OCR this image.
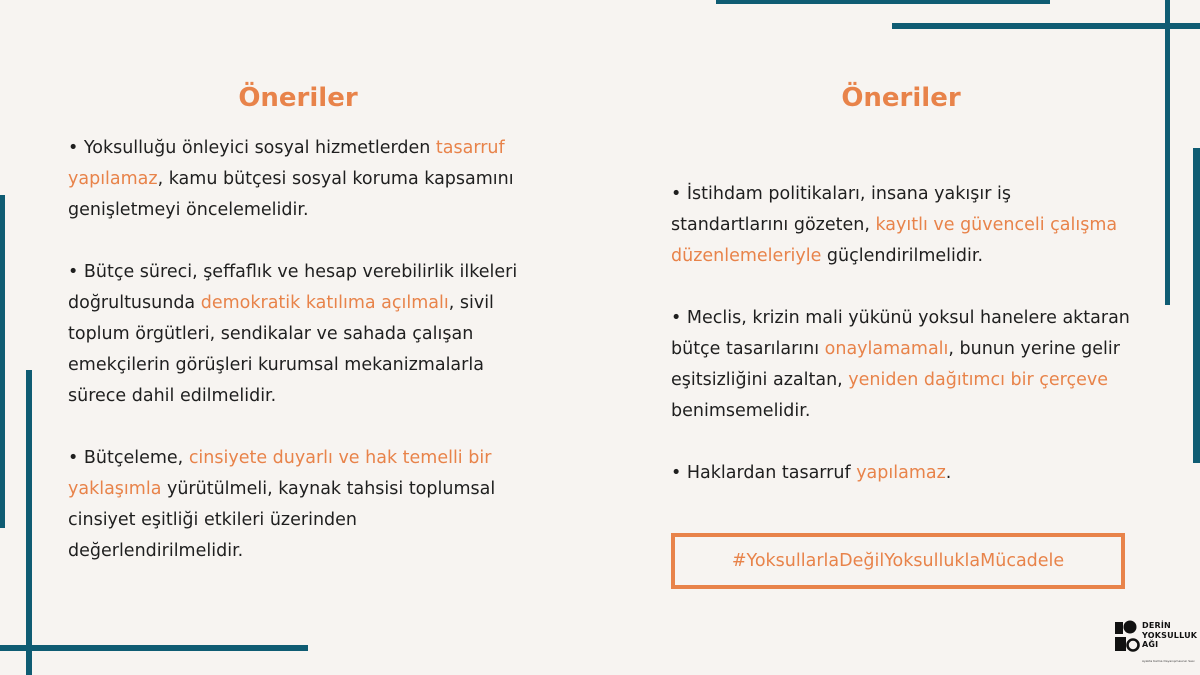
Öneriler

• Yoksulluğu önleyici sosyal hizmetlerden tasarruf yapılamaz, kamu bütçesi sosyal koruma kapsamını genişletmeyi öncelemelidir.

• Bütçe süreci, şeffaflık ve hesap verebilirlik ilkeleri doğrultusunda demokratik katılıma açılmalı, sivil toplum örgütleri, sendikalar ve sahada çalışan emekçilerin görüşleri kurumsal mekanizmalarla sürece dahil edilmelidir.

• Bütçeleme, cinsiyete duyarlı ve hak temelli bir yaklaşımla yürütülmeli, kaynak tahsisi toplumsal cinsiyet eşitliği etkileri üzerinden değerlendirilmelidir.

Öneriler

• İstihdam politikaları, insana yakışır iş standartlarını gözeten, kayıtlı ve güvenceli çalışma düzenlemeleriyle güçlendirilmelidir.

• Meclis, krizin mali yükünü yoksul hanelere aktaran bütçe tasarılarını onaylamamalı, bunun yerine gelir eşitsizliğini azaltan, yeniden dağıtımcı bir çerçeve benimsemelidir.

• Haklardan tasarruf yapılamaz.

#YoksullarlaDeğilYoksulluklaMücadele
DERİN
YOKSULLUK
AĞI
Ayakta Kalma Dayanışmasının Sesi
